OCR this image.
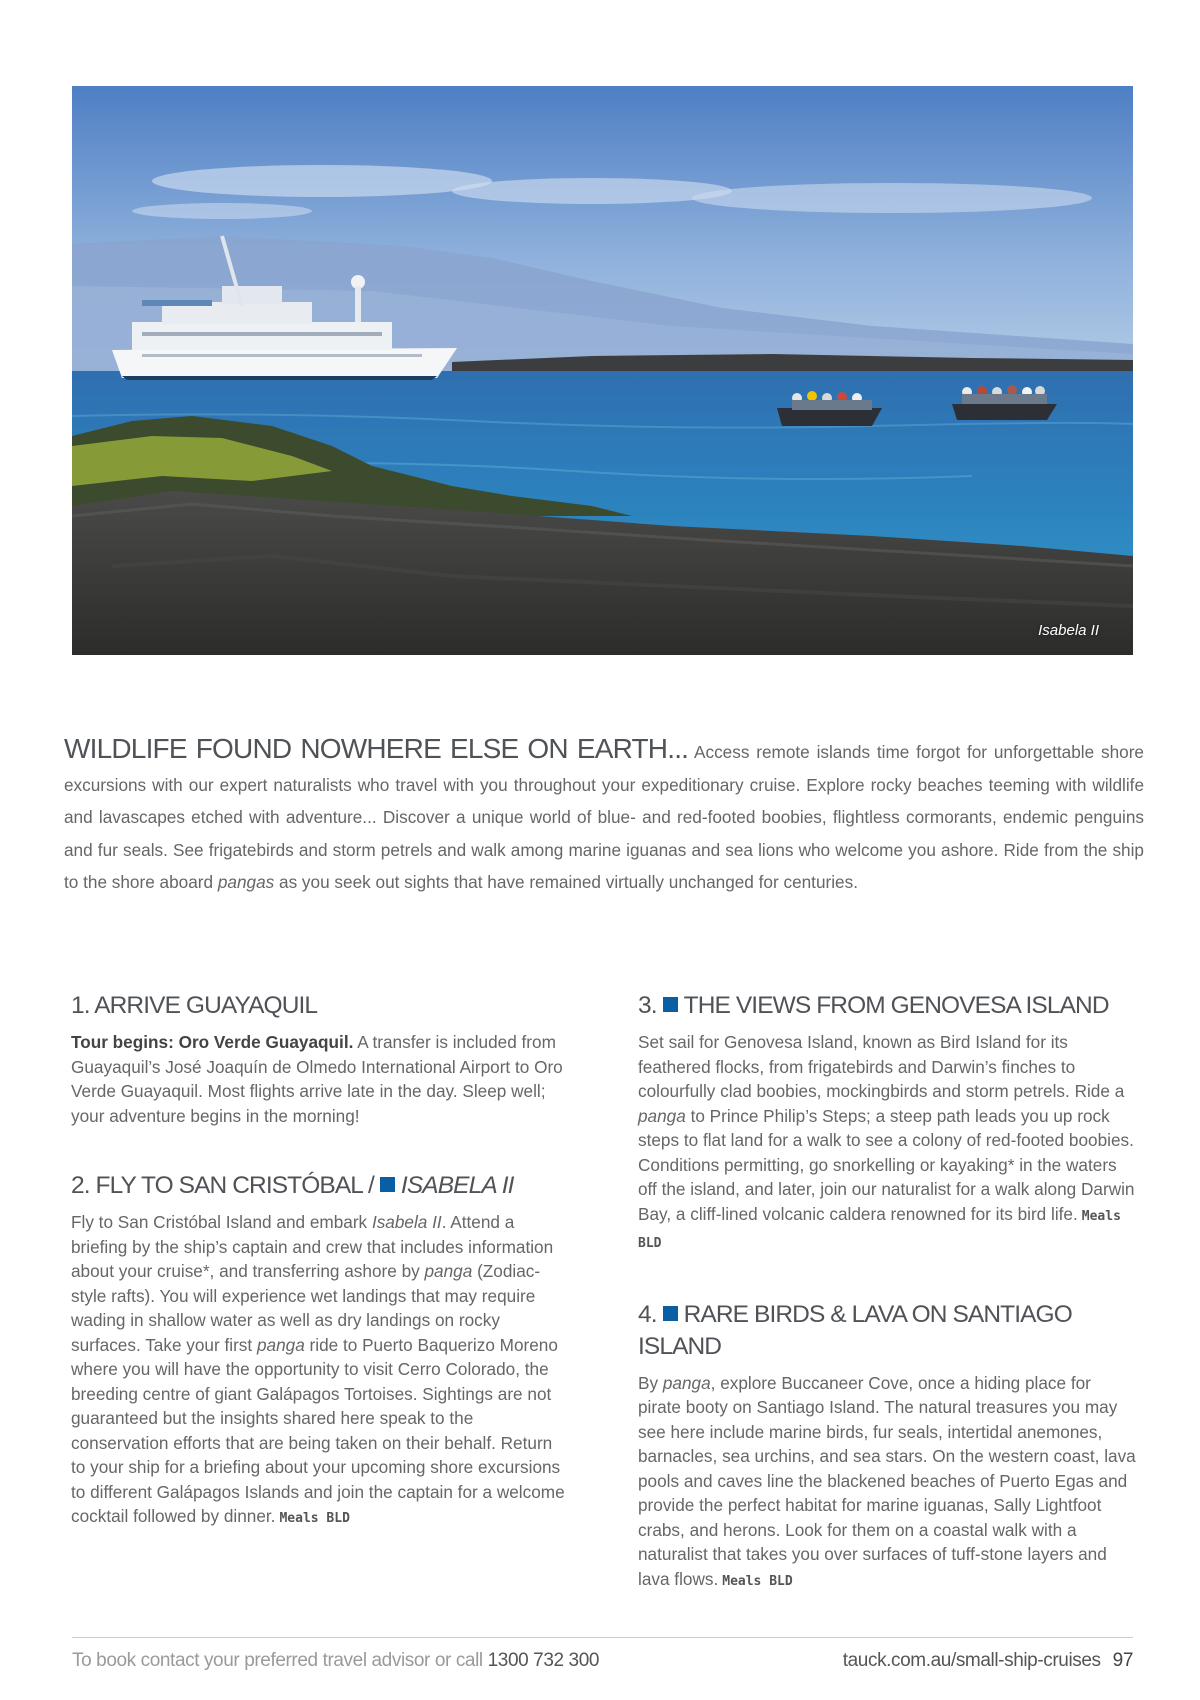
Isabela II
WILDLIFE FOUND NOWHERE ELSE ON EARTH... Access remote islands time forgot for unforgettable shore excursions with our expert naturalists who travel with you throughout your expeditionary cruise. Explore rocky beaches teeming with wildlife and lavascapes etched with adventure... Discover a unique world of blue- and red-footed boobies, flightless cormorants, endemic penguins and fur seals. See frigatebirds and storm petrels and walk among marine iguanas and sea lions who welcome you ashore. Ride from the ship to the shore aboard pangas as you seek out sights that have remained virtually unchanged for centuries.
1. ARRIVE GUAYAQUIL

Tour begins: Oro Verde Guayaquil. A transfer is included from Guayaquil’s José Joaquín de Olmedo International Airport to Oro Verde Guayaquil. Most flights arrive late in the day. Sleep well; your adventure begins in the morning!

2. FLY TO SAN CRISTÓBAL / ISABELA II

Fly to San Cristóbal Island and embark Isabela II. Attend a briefing by the ship’s captain and crew that includes information about your cruise*, and transferring ashore by panga (Zodiac-style rafts). You will experience wet landings that may require wading in shallow water as well as dry landings on rocky surfaces. Take your first panga ride to Puerto Baquerizo Moreno where you will have the opportunity to visit Cerro Colorado, the breeding centre of giant Galápagos Tortoises. Sightings are not guaranteed but the insights shared here speak to the conservation efforts that are being taken on their behalf. Return to your ship for a briefing about your upcoming shore excursions to different Galápagos Islands and join the captain for a welcome cocktail followed by dinner. Meals BLD

3. THE VIEWS FROM GENOVESA ISLAND

Set sail for Genovesa Island, known as Bird Island for its feathered flocks, from frigatebirds and Darwin’s finches to colourfully clad boobies, mockingbirds and storm petrels. Ride a panga to Prince Philip’s Steps; a steep path leads you up rock steps to flat land for a walk to see a colony of red-footed boobies. Conditions permitting, go snorkelling or kayaking* in the waters off the island, and later, join our naturalist for a walk along Darwin Bay, a cliff-lined volcanic caldera renowned for its bird life. Meals BLD

4. RARE BIRDS & LAVA ON SANTIAGO ISLAND

By panga, explore Buccaneer Cove, once a hiding place for pirate booty on Santiago Island. The natural treasures you may see here include marine birds, fur seals, intertidal anemones, barnacles, sea urchins, and sea stars. On the western coast, lava pools and caves line the blackened beaches of Puerto Egas and provide the perfect habitat for marine iguanas, Sally Lightfoot crabs, and herons. Look for them on a coastal walk with a naturalist that takes you over surfaces of tuff-stone layers and lava flows. Meals BLD

To book contact your preferred travel advisor or call 1300 732 300	tauck.com.au/small-ship-cruises 97
